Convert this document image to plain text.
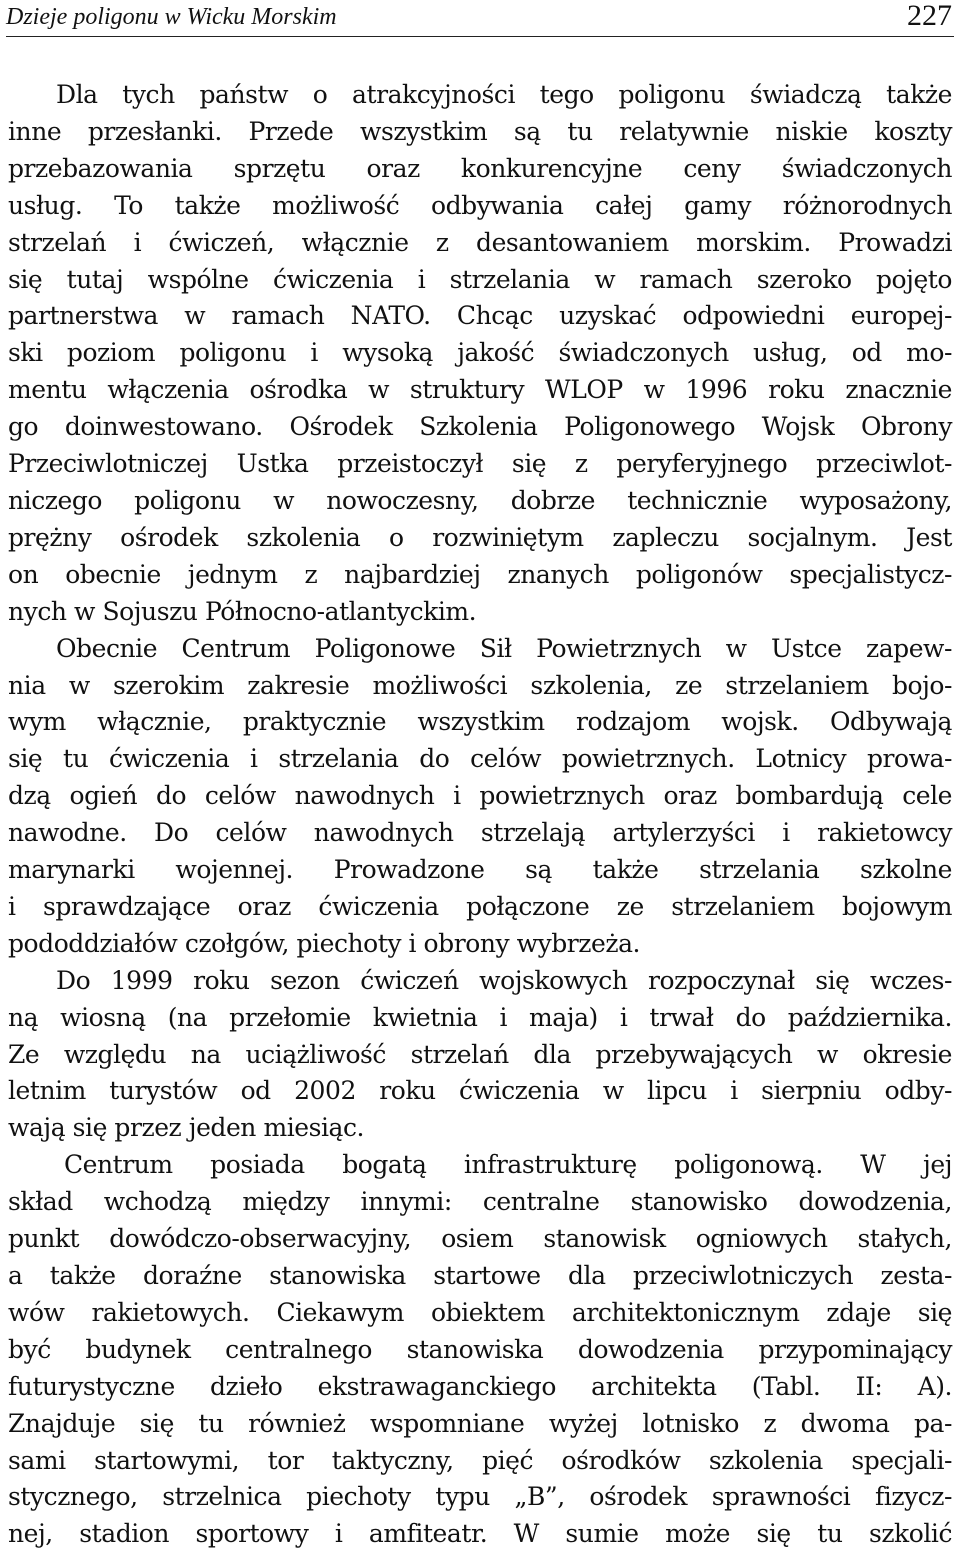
Dzieje poligonu w Wicku Morskim	227

Dla tych państw o atrakcyjności tego poligonu świadczą także
inne przesłanki. Przede wszystkim są tu relatywnie niskie koszty
przebazowania sprzętu oraz konkurencyjne ceny świadczonych
usług. To także możliwość odbywania całej gamy różnorodnych
strzelań i ćwiczeń, włącznie z desantowaniem morskim. Prowadzi
się tutaj wspólne ćwiczenia i strzelania w ramach szeroko pojęto
partnerstwa w ramach NATO. Chcąc uzyskać odpowiedni europej-
ski poziom poligonu i wysoką jakość świadczonych usług, od mo-
mentu włączenia ośrodka w struktury WLOP w 1996 roku znacznie
go doinwestowano. Ośrodek Szkolenia Poligonowego Wojsk Obrony
Przeciwlotniczej Ustka przeistoczył się z peryferyjnego przeciwlot-
niczego poligonu w nowoczesny, dobrze technicznie wyposażony,
prężny ośrodek szkolenia o rozwiniętym zapleczu socjalnym. Jest
on obecnie jednym z najbardziej znanych poligonów specjalistycz-
nych w Sojuszu Północno-atlantyckim.

Obecnie Centrum Poligonowe Sił Powietrznych w Ustce zapew-
nia w szerokim zakresie możliwości szkolenia, ze strzelaniem bojo-
wym włącznie, praktycznie wszystkim rodzajom wojsk. Odbywają
się tu ćwiczenia i strzelania do celów powietrznych. Lotnicy prowa-
dzą ogień do celów nawodnych i powietrznych oraz bombardują cele
nawodne. Do celów nawodnych strzelają artylerzyści i rakietowcy
marynarki wojennej. Prowadzone są także strzelania szkolne
i sprawdzające oraz ćwiczenia połączone ze strzelaniem bojowym
pododdziałów czołgów, piechoty i obrony wybrzeża.

Do 1999 roku sezon ćwiczeń wojskowych rozpoczynał się wczes-
ną wiosną (na przełomie kwietnia i maja) i trwał do października.
Ze względu na uciążliwość strzelań dla przebywających w okresie
letnim turystów od 2002 roku ćwiczenia w lipcu i sierpniu odby-
wają się przez jeden miesiąc.

Centrum posiada bogatą infrastrukturę poligonową. W jej
skład wchodzą między innymi: centralne stanowisko dowodzenia,
punkt dowódczo-obserwacyjny, osiem stanowisk ogniowych stałych,
a także doraźne stanowiska startowe dla przeciwlotniczych zesta-
wów rakietowych. Ciekawym obiektem architektonicznym zdaje się
być budynek centralnego stanowiska dowodzenia przypominający
futurystyczne dzieło ekstrawaganckiego architekta (Tabl. II: A).
Znajduje się tu również wspomniane wyżej lotnisko z dwoma pa-
sami startowymi, tor taktyczny, pięć ośrodków szkolenia specjali-
stycznego, strzelnica piechoty typu „B”, ośrodek sprawności fizycz-
nej, stadion sportowy i amfiteatr. W sumie może się tu szkolić
